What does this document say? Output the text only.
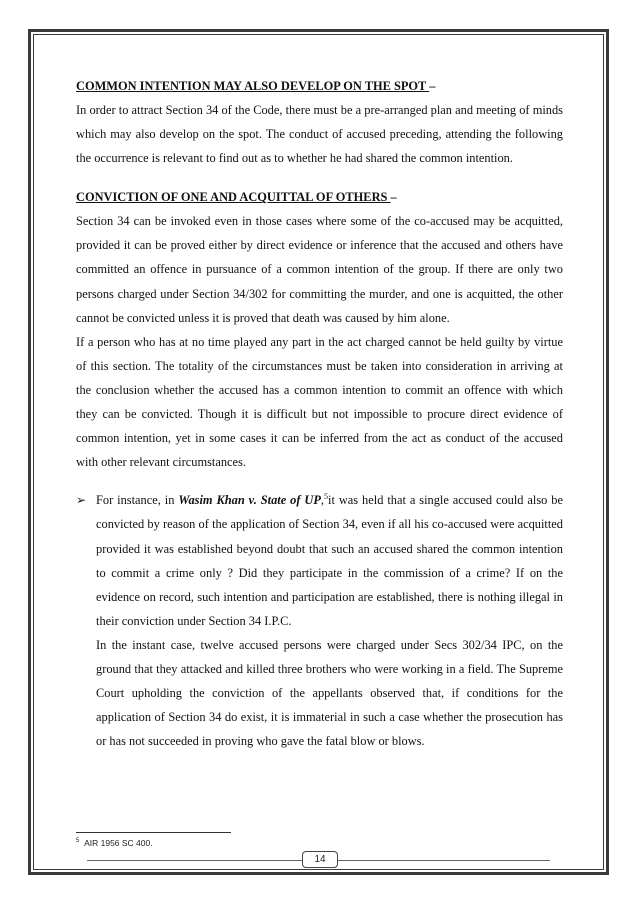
COMMON INTENTION MAY ALSO DEVELOP ON THE SPOT –

In order to attract Section 34 of the Code, there must be a pre-arranged plan and meeting of minds which may also develop on the spot. The conduct of accused preceding, attending the following the occurrence is relevant to find out as to whether he had shared the common intention.

CONVICTION OF ONE AND ACQUITTAL OF OTHERS –

Section 34 can be invoked even in those cases where some of the co-accused may be acquitted, provided it can be proved either by direct evidence or inference that the accused and others have committed an offence in pursuance of a common intention of the group. If there are only two persons charged under Section 34/302 for committing the murder, and one is acquitted, the other cannot be convicted unless it is proved that death was caused by him alone.

If a person who has at no time played any part in the act charged cannot be held guilty by virtue of this section. The totality of the circumstances must be taken into consideration in arriving at the conclusion whether the accused has a common intention to commit an offence with which they can be convicted. Though it is difficult but not impossible to procure direct evidence of common intention, yet in some cases it can be inferred from the act as conduct of the accused with other relevant circumstances.

➢ For instance, in Wasim Khan v. State of UP,$^5$it was held that a single accused could also be convicted by reason of the application of Section 34, even if all his co-accused were acquitted provided it was established beyond doubt that such an accused shared the common intention to commit a crime only ? Did they participate in the commission of a crime? If on the evidence on record, such intention and participation are established, there is nothing illegal in their conviction under Section 34 I.P.C.

In the instant case, twelve accused persons were charged under Secs 302/34 IPC, on the ground that they attacked and killed three brothers who were working in a field. The Supreme Court upholding the conviction of the appellants observed that, if conditions for the application of Section 34 do exist, it is immaterial in such a case whether the prosecution has or has not succeeded in proving who gave the fatal blow or blows.

$^5$ AIR 1956 SC 400.
14
